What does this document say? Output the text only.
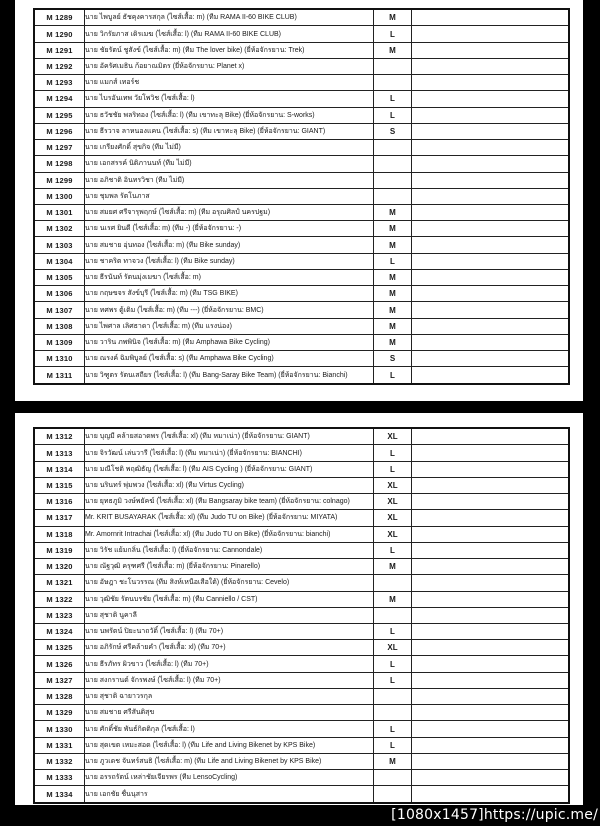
M 1289	นาย ไพบูลย์ ธัชคุงคารสกุล (ไซส์เสื้อ: m) (ทีม RAMA II-60 BIKE CLUB)	M	
M 1290	นาย วิกรัยภาส เดิรเมฆ (ไซส์เสื้อ: l) (ทีม RAMA II-60 BIKE CLUB)	L	
M 1291	นาย ชัยรัตน์ ชูสังข์ (ไซส์เสื้อ: m) (ทีม The lover bike) (ยี่ห้อจักรยาน: Trek)	M	
M 1292	นาย อัครัศเมธิน ก้อยาณมิตร (ยี่ห้อจักรยาน: Planet x)		
M 1293	นาย แมกส์ เทอร์ช		
M 1294	นาย ไบรอันเทพ วัยโพวิช (ไซส์เสื้อ: l)	L	
M 1295	นาย ธวัชชัย พลริทอง (ไซส์เสื้อ: l) (ทีม เขาทะลุ Bike) (ยี่ห้อจักรยาน: S-works)	L	
M 1296	นาย ธีรวาจ ลาหนองแคน (ไซส์เสื้อ: s) (ทีม เขาทะลุ Bike) (ยี่ห้อจักรยาน: GIANT)	S	
M 1297	นาย เกรียงศักดิ์ สุขกิจ (ทีม ไม่มี)		
M 1298	นาย เอกสรรค์ นิติภานนท์ (ทีม ไม่มี)		
M 1299	นาย อภิชาติ อินทรวิชา (ทีม ไม่มี)		
M 1300	นาย ชุมพล รัตโนภาส		
M 1301	นาย สมยศ ศรีจารุพฤกษ์ (ไซส์เสื้อ: m) (ทีม อรุณศิลป์ นครปฐม)	M	
M 1302	นาย นเรศ ยินดี (ไซส์เสื้อ: m) (ทีม -) (ยี่ห้อจักรยาน: -)	M	
M 1303	นาย สมชาย อุ่นทอง (ไซส์เสื้อ: m) (ทีม Bike sunday)	M	
M 1304	นาย ชาคริต ทาจวง (ไซส์เสื้อ: l) (ทีม Bike sunday)	L	
M 1305	นาย ธีรนันท์ รัตนมุ่งเมฆา (ไซส์เสื้อ: m)	M	
M 1306	นาย กฤษขจร สังข์บุรี (ไซส์เสื้อ: m) (ทีม TSG BIKE)	M	
M 1307	นาย ทศพร ตู้เติม (ไซส์เสื้อ: m) (ทีม ---) (ยี่ห้อจักรยาน: BMC)	M	
M 1308	นาย ไพศาล เลิศธาดา (ไซส์เสื้อ: m) (ทีม แรงน่อง)	M	
M 1309	นาย วาริน ภพพินิจ (ไซส์เสื้อ: m) (ทีม Amphawa Bike Cycling)	M	
M 1310	นาย ณรงค์ ฉิมพิบูลย์ (ไซส์เสื้อ: s) (ทีม Amphawa Bike Cycling)	S	
M 1311	นาย วิฑูตร รัตนเสถียร (ไซส์เสื้อ: l) (ทีม Bang-Saray Bike Team) (ยี่ห้อจักรยาน: Bianchi)	L	
M 1312	นาย บุญมี คล้ายสอาดพร (ไซส์เสื้อ: xl) (ทีม หมาเน่า) (ยี่ห้อจักรยาน: GIANT)	XL	
M 1313	นาย จิรวัฒน์ เล่นวารี (ไซส์เสื้อ: l) (ทีม หมาเน่า) (ยี่ห้อจักรยาน: BIANCHI)	L	
M 1314	นาย มณีโชติ พฤฒิธัญ (ไซส์เสื้อ: l) (ทีม AIS Cycling ) (ยี่ห้อจักรยาน: GIANT)	L	
M 1315	นาย นรินทร์ พุ่มพวง (ไซส์เสื้อ: xl) (ทีม Virtus Cycling)	XL	
M 1316	นาย ยุทธภูมิ วงษ์พยัคฆ์ (ไซส์เสื้อ: xl) (ทีม Bangsaray bike team) (ยี่ห้อจักรยาน: colnago)	XL	
M 1317	Mr. KRIT BUSAYARAK (ไซส์เสื้อ: xl) (ทีม Judo TU on Bike) (ยี่ห้อจักรยาน: MIYATA)	XL	
M 1318	Mr. Amornrit Intrachai (ไซส์เสื้อ: xl) (ทีม Judo TU on Bike) (ยี่ห้อจักรยาน: bianchi)	XL	
M 1319	นาย วิรัช แย้มกลิ่น (ไซส์เสื้อ: l) (ยี่ห้อจักรยาน: Cannondale)	L	
M 1320	นาย ณัฐวุฒิ ครุฑศรี (ไซส์เสื้อ: m) (ยี่ห้อจักรยาน: Pinarello)	M	
M 1321	นาย อัษฎา ชะโนวรรณ (ทีม สิงห์เหนือเสือใต้) (ยี่ห้อจักรยาน: Cevelo)		
M 1322	นาย วุฒิชัย รัตนบรชัย (ไซส์เสื้อ: m) (ทีม Canniello / CST)	M	
M 1323	นาย สุชาติ นูคาลี		
M 1324	นาย นพรัตน์ ปิยะนาถวัติ์ (ไซส์เสื้อ: l) (ทีม 70+)	L	
M 1325	นาย อภิรักษ์ ศรีคล้ายคำ (ไซส์เสื้อ: xl) (ทีม 70+)	XL	
M 1326	นาย ธีรภัทร ผิวขาว (ไซส์เสื้อ: l) (ทีม 70+)	L	
M 1327	นาย สงกรานต์ จักรพงษ์ (ไซส์เสื้อ: l) (ทีม 70+)	L	
M 1328	นาย สุชาติ ฉายาวรกุล		
M 1329	นาย สมชาย ศรีสันติสุข		
M 1330	นาย ศักดิ์ชัย พันธ์กิตติกุล (ไซส์เสื้อ: l)	L	
M 1331	นาย สุดเขต เหมะสอด (ไซส์เสื้อ: l) (ทีม Life and Living Bikenet by KPS Bike)	L	
M 1332	นาย ภูวเดช จันทร์สนธิ (ไซส์เสื้อ: m) (ทีม Life and Living Bikenet by KPS Bike)	M	
M 1333	นาย อรรถรัตน์ เหล่าชัยเจียรพร (ทีม LensoCycling)		
M 1334	นาย เอกชัย ชื่นนุสาร		
[1080x1457]https://upic.me/
